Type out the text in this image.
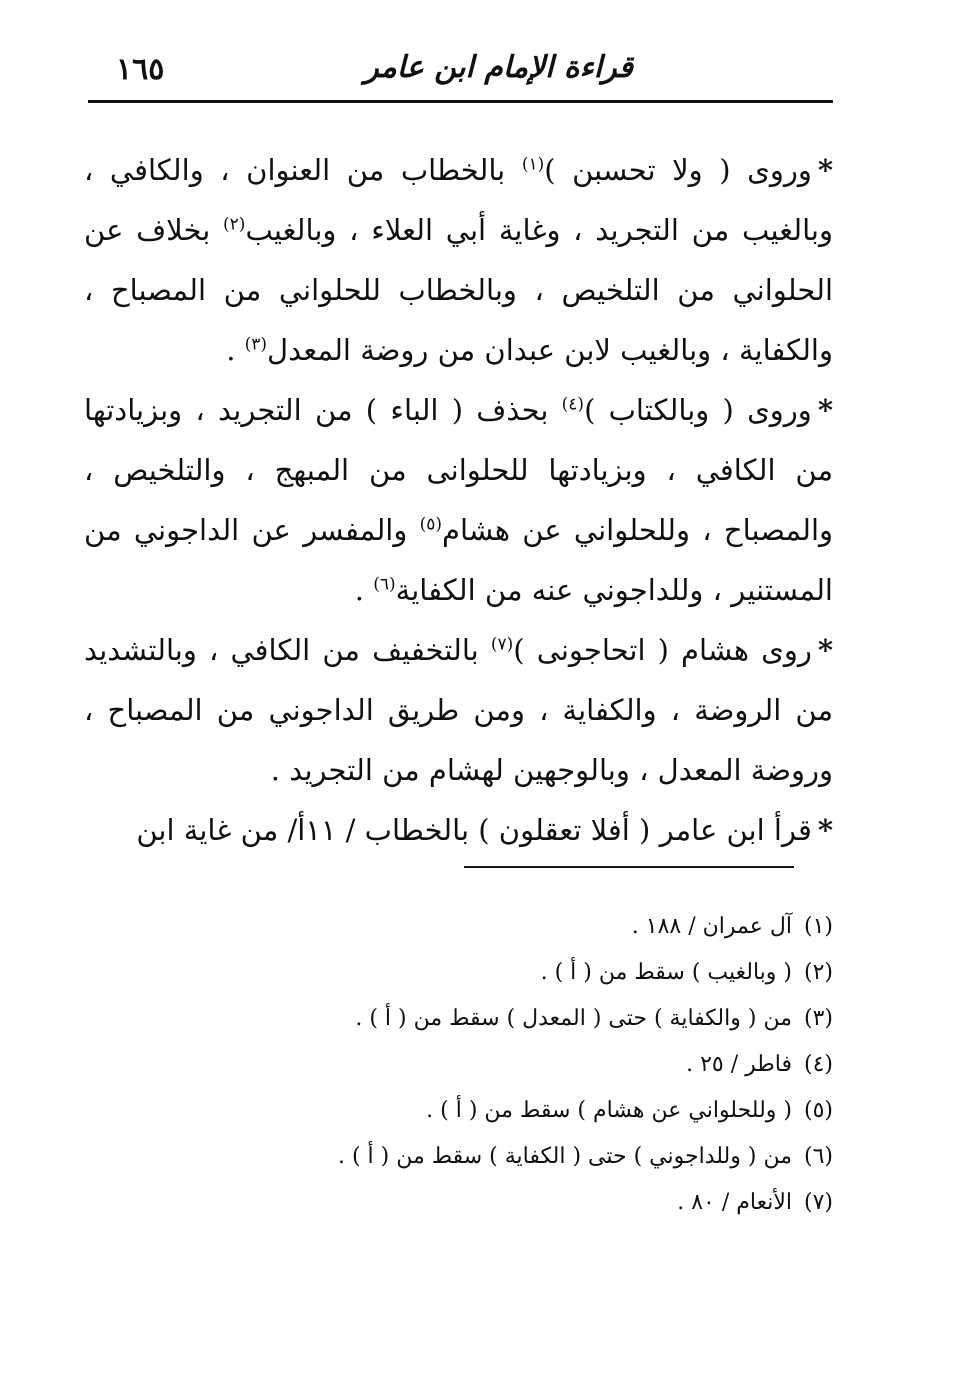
قراءة الإمام ابن عامر
١٦٥

*وروى ( ولا تحسبن )$^{(١)}$ بالخطاب من العنوان ، والكافي ، وبالغيب من التجريد ، وغاية أبي العلاء ، وبالغيب$^{(٢)}$ بخلاف عن الحلواني من التلخيص ، وبالخطاب للحلواني من المصباح ، والكفاية ، وبالغيب لابن عبدان من روضة المعدل$^{(٣)}$ .

*وروى ( وبالكتاب )$^{(٤)}$ بحذف ( الباء ) من التجريد ، وبزيادتها من الكافي ، وبزيادتها للحلوانى من المبهج ، والتلخيص ، والمصباح ، وللحلواني عن هشام$^{(٥)}$ والمفسر عن الداجوني من المستنير ، وللداجوني عنه من الكفاية$^{(٦)}$ .

*روى هشام ( اتحاجونى )$^{(٧)}$ بالتخفيف من الكافي ، وبالتشديد من الروضة ، والكفاية ، ومن طريق الداجوني من المصباح ، وروضة المعدل ، وبالوجهين لهشام من التجريد .

*قرأ ابن عامر ( أفلا تعقلون ) بالخطاب / ١١أ/ من غاية ابن

(١)آل عمران / ١٨٨ .
(٢)( وبالغيب ) سقط من ( أ ) .
(٣)من ( والكفاية ) حتى ( المعدل ) سقط من ( أ ) .
(٤)فاطر / ٢٥ .
(٥)( وللحلواني عن هشام ) سقط من ( أ ) .
(٦)من ( وللداجوني ) حتى ( الكفاية ) سقط من ( أ ) .
(٧)الأنعام / ٨٠ .
